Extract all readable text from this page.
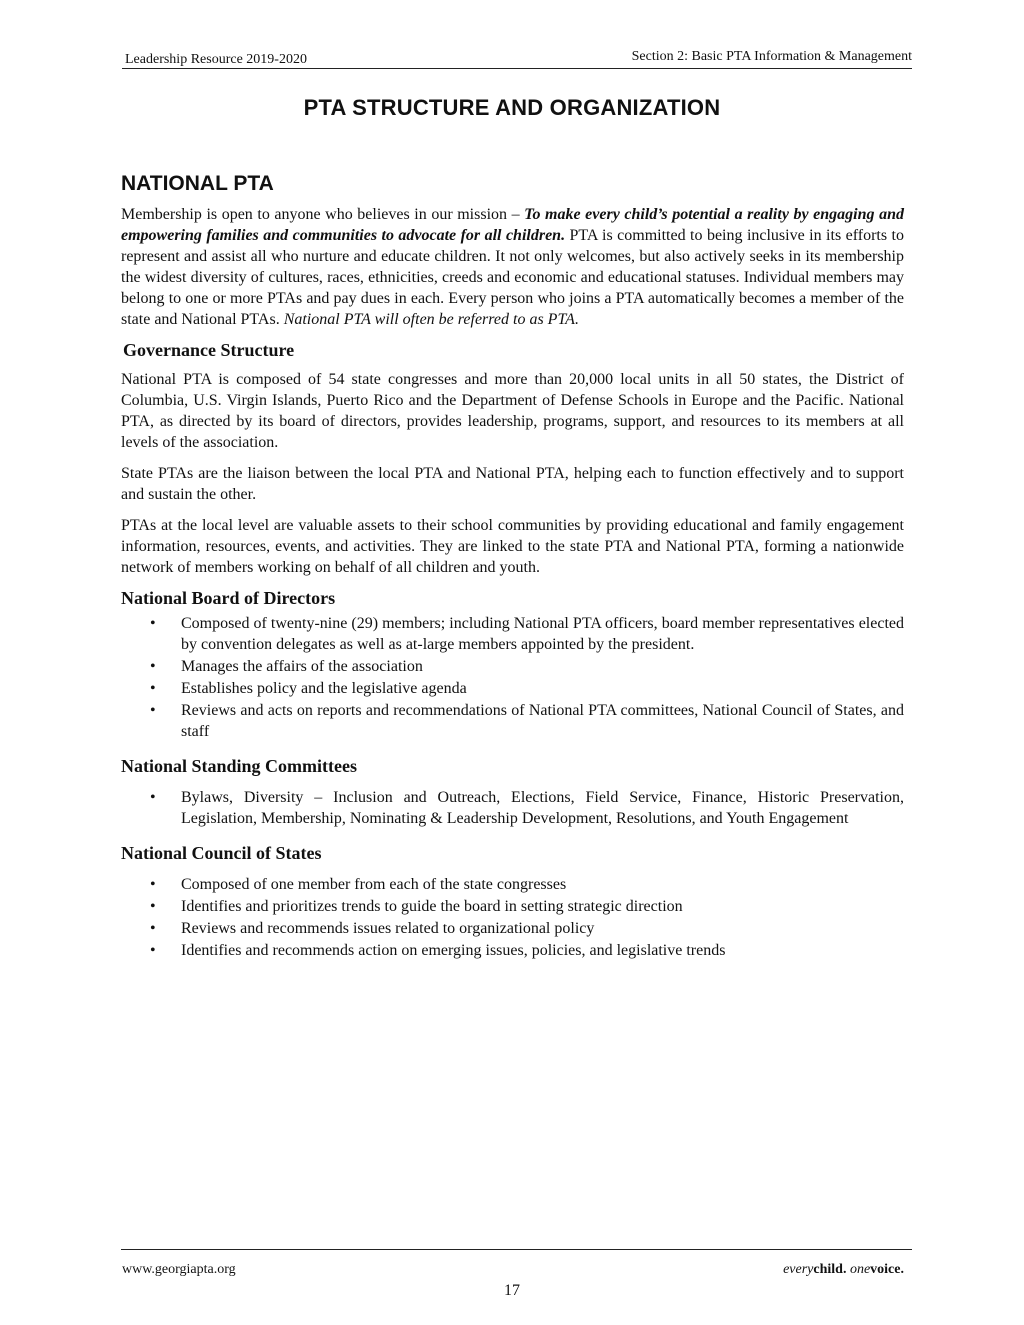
Leadership Resource 2019-2020	Section 2: Basic PTA Information & Management
PTA STRUCTURE AND ORGANIZATION
NATIONAL PTA

Membership is open to anyone who believes in our mission – To make every child’s potential a reality by engaging and empowering families and communities to advocate for all children. PTA is committed to being inclusive in its efforts to represent and assist all who nurture and educate children. It not only welcomes, but also actively seeks in its membership the widest diversity of cultures, races, ethnicities, creeds and economic and educational statuses. Individual members may belong to one or more PTAs and pay dues in each. Every person who joins a PTA automatically becomes a member of the state and National PTAs. National PTA will often be referred to as PTA.

Governance Structure

National PTA is composed of 54 state congresses and more than 20,000 local units in all 50 states, the District of Columbia, U.S. Virgin Islands, Puerto Rico and the Department of Defense Schools in Europe and the Pacific. National PTA, as directed by its board of directors, provides leadership, programs, support, and resources to its members at all levels of the association.

State PTAs are the liaison between the local PTA and National PTA, helping each to function effectively and to support and sustain the other.

PTAs at the local level are valuable assets to their school communities by providing educational and family engagement information, resources, events, and activities. They are linked to the state PTA and National PTA, forming a nationwide network of members working on behalf of all children and youth.

National Board of Directors
• Composed of twenty-nine (29) members; including National PTA officers, board member representatives elected by convention delegates as well as at-large members appointed by the president.
• Manages the affairs of the association
• Establishes policy and the legislative agenda
• Reviews and acts on reports and recommendations of National PTA committees, National Council of States, and staff
National Standing Committees
• Bylaws, Diversity – Inclusion and Outreach, Elections, Field Service, Finance, Historic Preservation, Legislation, Membership, Nominating & Leadership Development, Resolutions, and Youth Engagement
National Council of States
• Composed of one member from each of the state congresses
• Identifies and prioritizes trends to guide the board in setting strategic direction
• Reviews and recommends issues related to organizational policy
• Identifies and recommends action on emerging issues, policies, and legislative trends
www.georgiapta.org	everychild. onevoice.
17
